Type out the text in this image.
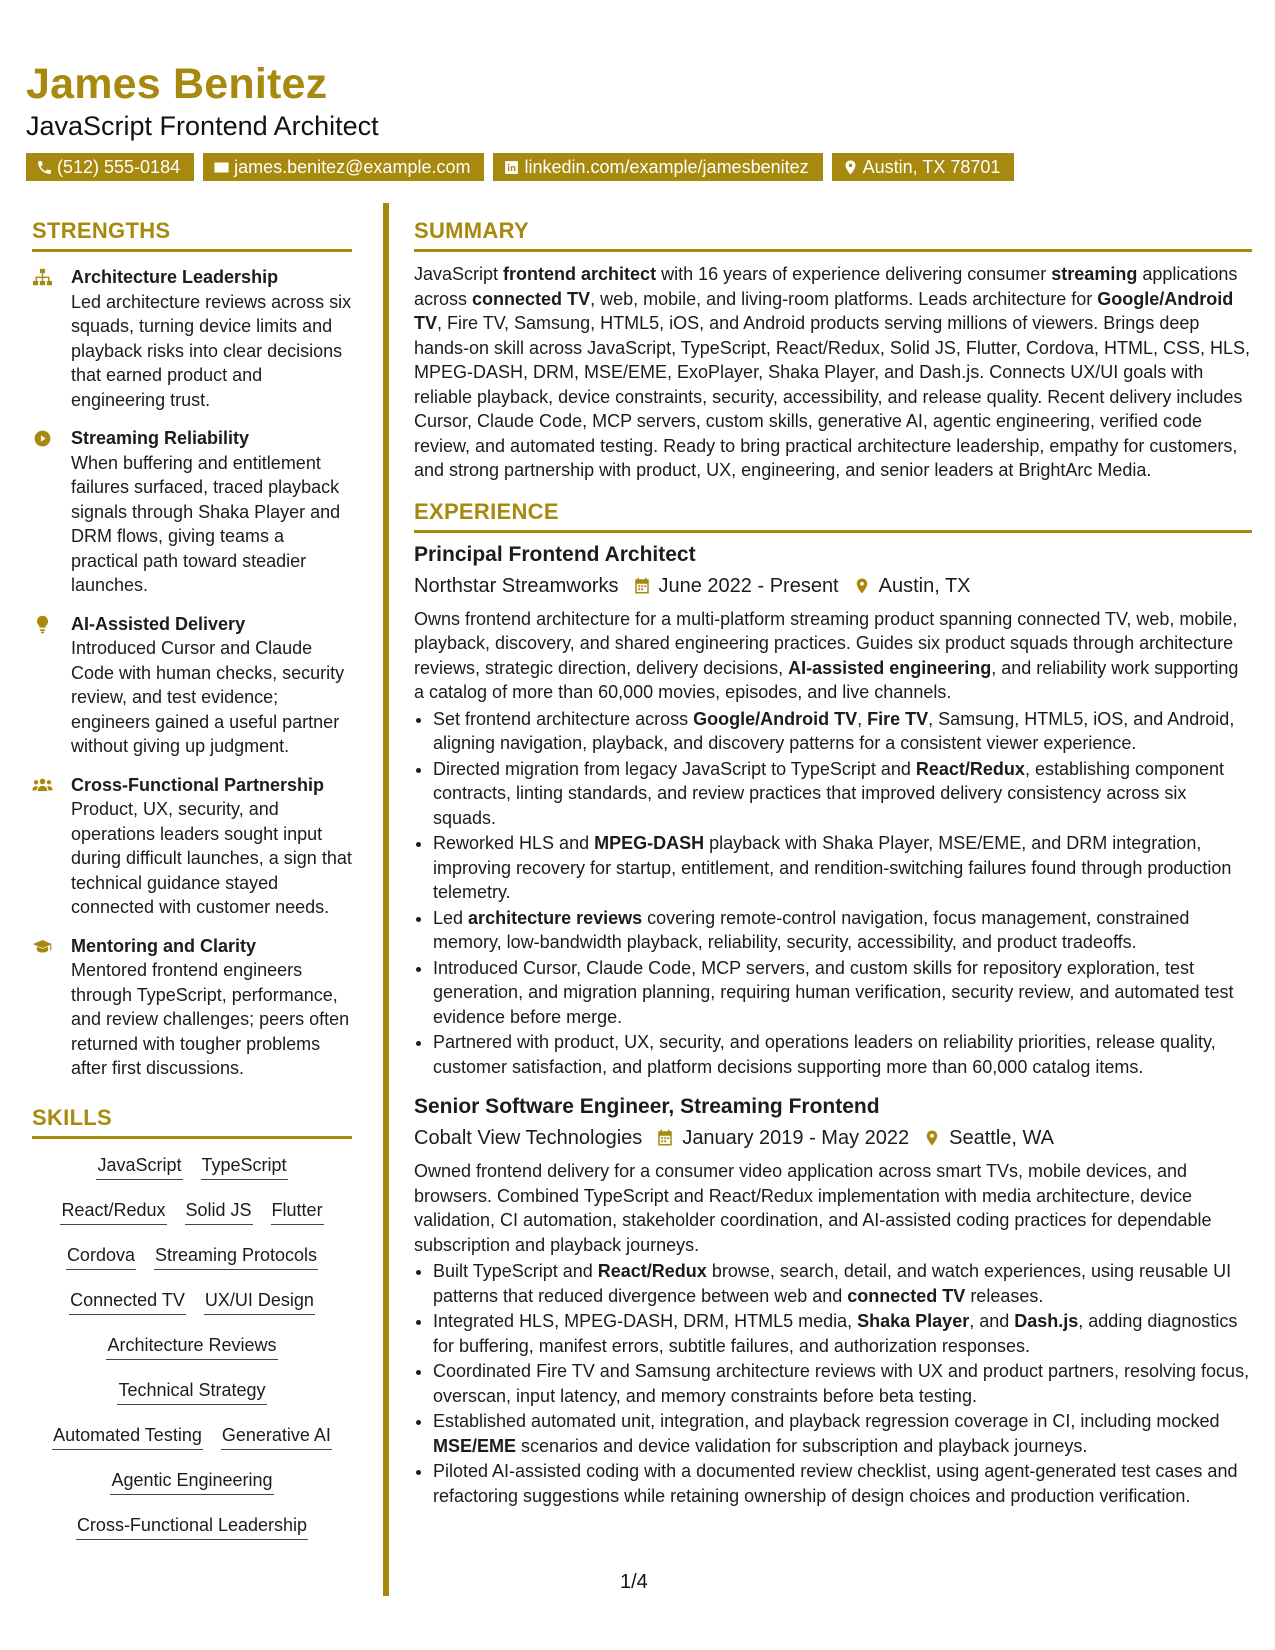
James Benitez
JavaScript Frontend Architect
(512) 555-0184	james.benitez@example.com	linkedin.com/example/jamesbenitez	Austin, TX 78701
STRENGTHS
Architecture Leadership
Led architecture reviews across six squads, turning device limits and playback risks into clear decisions that earned product and engineering trust.
Streaming Reliability
When buffering and entitlement failures surfaced, traced playback signals through Shaka Player and DRM flows, giving teams a practical path toward steadier launches.
AI-Assisted Delivery
Introduced Cursor and Claude Code with human checks, security review, and test evidence; engineers gained a useful partner without giving up judgment.
Cross-Functional Partnership
Product, UX, security, and operations leaders sought input during difficult launches, a sign that technical guidance stayed connected with customer needs.
Mentoring and Clarity
Mentored frontend engineers through TypeScript, performance, and review challenges; peers often returned with tougher problems after first discussions.
SKILLS
JavaScript TypeScript
React/Redux Solid JS Flutter
Cordova Streaming Protocols
Connected TV UX/UI Design
Architecture Reviews
Technical Strategy
Automated Testing Generative AI
Agentic Engineering
Cross-Functional Leadership
SUMMARY
JavaScript frontend architect with 16 years of experience delivering consumer streaming applications across connected TV, web, mobile, and living-room platforms. Leads architecture for Google/Android TV, Fire TV, Samsung, HTML5, iOS, and Android products serving millions of viewers. Brings deep hands-on skill across JavaScript, TypeScript, React/Redux, Solid JS, Flutter, Cordova, HTML, CSS, HLS, MPEG-DASH, DRM, MSE/EME, ExoPlayer, Shaka Player, and Dash.js. Connects UX/UI goals with reliable playback, device constraints, security, accessibility, and release quality. Recent delivery includes Cursor, Claude Code, MCP servers, custom skills, generative AI, agentic engineering, verified code review, and automated testing. Ready to bring practical architecture leadership, empathy for customers, and strong partnership with product, UX, engineering, and senior leaders at BrightArc Media.
EXPERIENCE
Principal Frontend Architect
Northstar Streamworks June 2022 - Present Austin, TX
Owns frontend architecture for a multi-platform streaming product spanning connected TV, web, mobile, playback, discovery, and shared engineering practices. Guides six product squads through architecture reviews, strategic direction, delivery decisions, AI-assisted engineering, and reliability work supporting a catalog of more than 60,000 movies, episodes, and live channels.
• Set frontend architecture across Google/Android TV, Fire TV, Samsung, HTML5, iOS, and Android, aligning navigation, playback, and discovery patterns for a consistent viewer experience.
• Directed migration from legacy JavaScript to TypeScript and React/Redux, establishing component contracts, linting standards, and review practices that improved delivery consistency across six squads.
• Reworked HLS and MPEG-DASH playback with Shaka Player, MSE/EME, and DRM integration, improving recovery for startup, entitlement, and rendition-switching failures found through production telemetry.
• Led architecture reviews covering remote-control navigation, focus management, constrained memory, low-bandwidth playback, reliability, security, accessibility, and product tradeoffs.
• Introduced Cursor, Claude Code, MCP servers, and custom skills for repository exploration, test generation, and migration planning, requiring human verification, security review, and automated test evidence before merge.
• Partnered with product, UX, security, and operations leaders on reliability priorities, release quality, customer satisfaction, and platform decisions supporting more than 60,000 catalog items.
Senior Software Engineer, Streaming Frontend
Cobalt View Technologies January 2019 - May 2022 Seattle, WA
Owned frontend delivery for a consumer video application across smart TVs, mobile devices, and browsers. Combined TypeScript and React/Redux implementation with media architecture, device validation, CI automation, stakeholder coordination, and AI-assisted coding practices for dependable subscription and playback journeys.
• Built TypeScript and React/Redux browse, search, detail, and watch experiences, using reusable UI patterns that reduced divergence between web and connected TV releases.
• Integrated HLS, MPEG-DASH, DRM, HTML5 media, Shaka Player, and Dash.js, adding diagnostics for buffering, manifest errors, subtitle failures, and authorization responses.
• Coordinated Fire TV and Samsung architecture reviews with UX and product partners, resolving focus, overscan, input latency, and memory constraints before beta testing.
• Established automated unit, integration, and playback regression coverage in CI, including mocked MSE/EME scenarios and device validation for subscription and playback journeys.
• Piloted AI-assisted coding with a documented review checklist, using agent-generated test cases and refactoring suggestions while retaining ownership of design choices and production verification.
1/4
